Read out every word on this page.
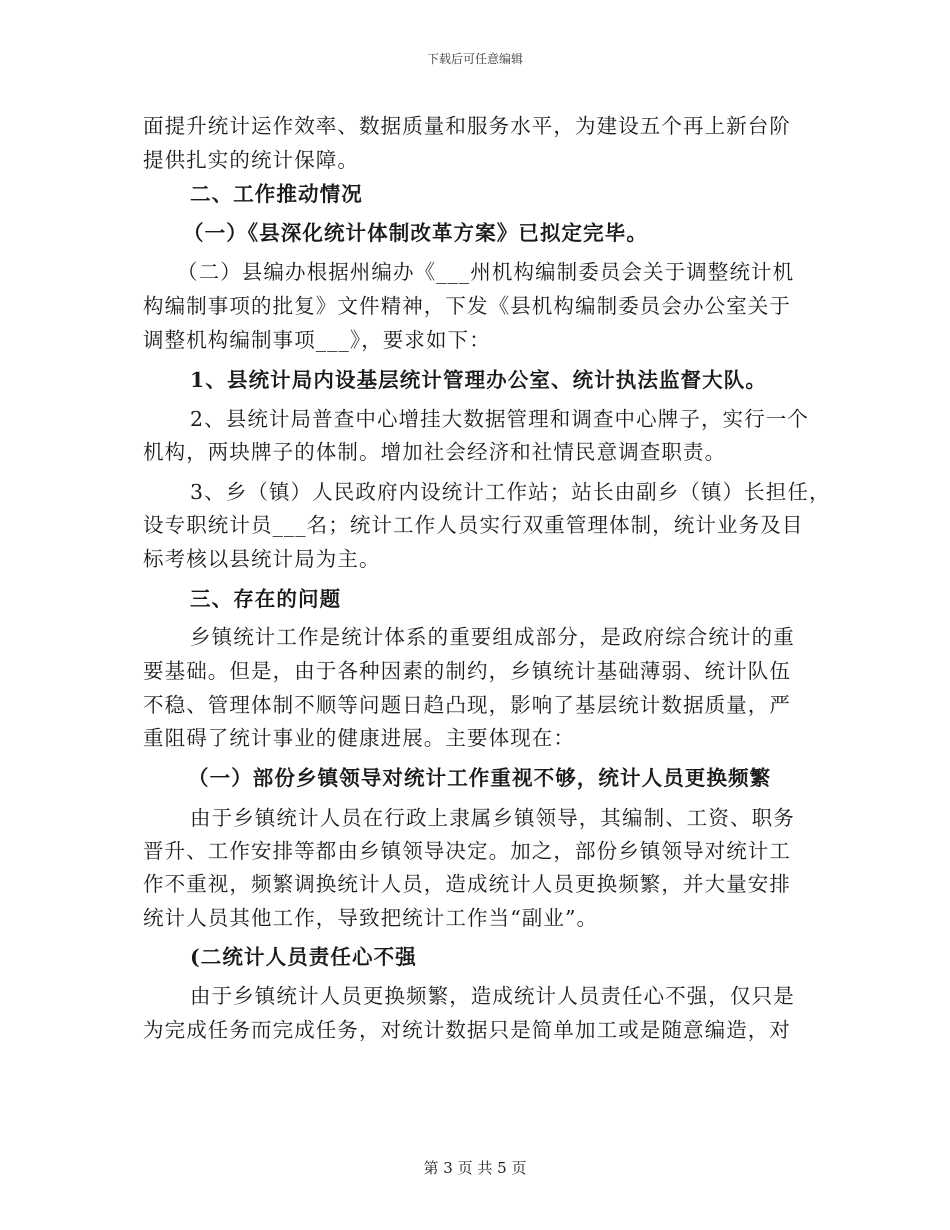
下载后可任意编辑
面提升统计运作效率、数据质量和服务水平，为建设五个再上新台阶
提供扎实的统计保障。
二、工作推动情况
（一）《县深化统计体制改革方案》已拟定完毕。
（二）县编办根据州编办《___州机构编制委员会关于调整统计机
构编制事项的批复》文件精神，下发《县机构编制委员会办公室关于
调整机构编制事项___》，要求如下：
1、县统计局内设基层统计管理办公室、统计执法监督大队。
2、县统计局普查中心增挂大数据管理和调查中心牌子，实行一个
机构，两块牌子的体制。增加社会经济和社情民意调查职责。
3、乡（镇）人民政府内设统计工作站；站长由副乡（镇）长担任，
设专职统计员___名；统计工作人员实行双重管理体制，统计业务及目
标考核以县统计局为主。
三、存在的问题
乡镇统计工作是统计体系的重要组成部分，是政府综合统计的重
要基础。但是，由于各种因素的制约，乡镇统计基础薄弱、统计队伍
不稳、管理体制不顺等问题日趋凸现，影响了基层统计数据质量，严
重阻碍了统计事业的健康进展。主要体现在：
（一）部份乡镇领导对统计工作重视不够，统计人员更换频繁
由于乡镇统计人员在行政上隶属乡镇领导，其编制、工资、职务
晋升、工作安排等都由乡镇领导决定。加之，部份乡镇领导对统计工
作不重视，频繁调换统计人员，造成统计人员更换频繁，并大量安排
统计人员其他工作，导致把统计工作当“副业”。
(二统计人员责任心不强
由于乡镇统计人员更换频繁，造成统计人员责任心不强，仅只是
为完成任务而完成任务，对统计数据只是简单加工或是随意编造，对
第 3 页 共 5 页
